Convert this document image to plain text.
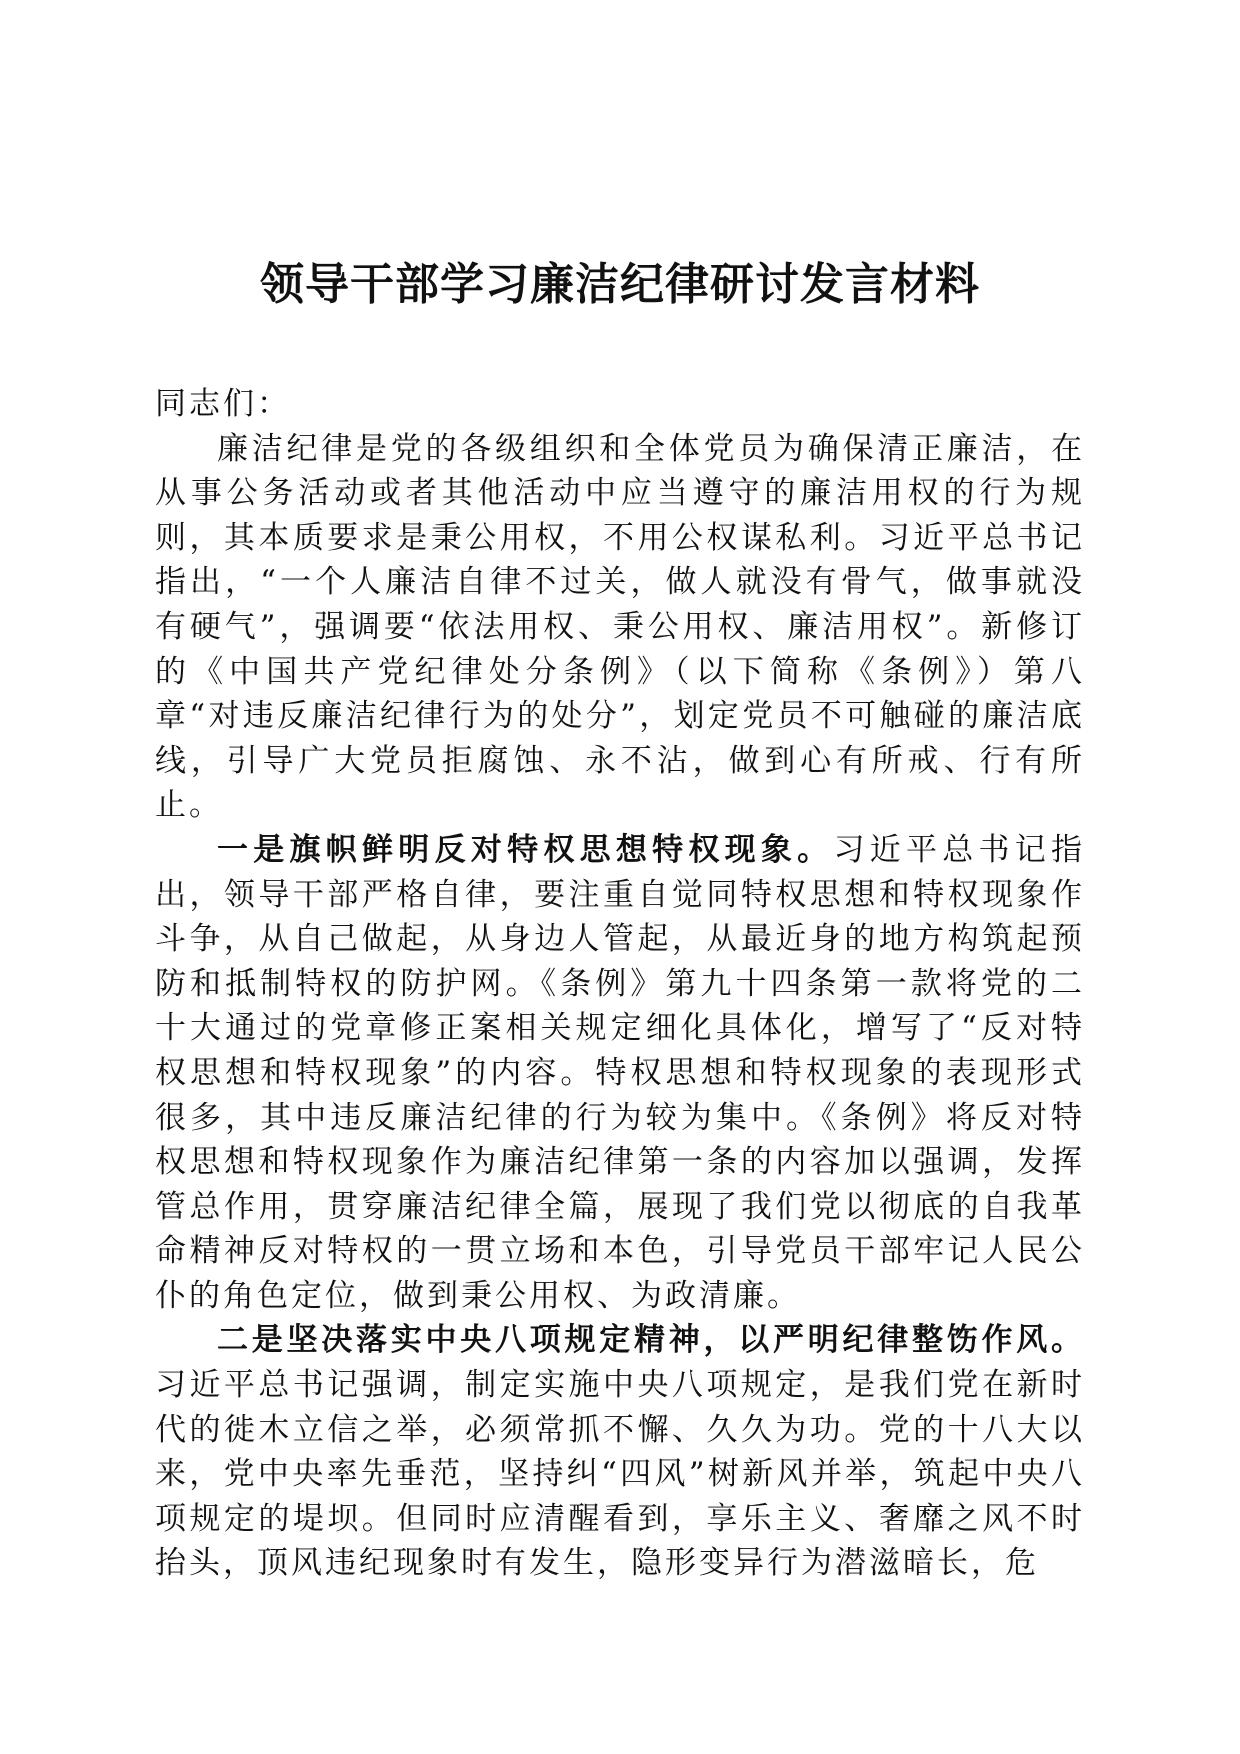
领导干部学习廉洁纪律研讨发言材料

同志们：

廉洁纪律是党的各级组织和全体党员为确保清正廉洁，在从事公务活动或者其他活动中应当遵守的廉洁用权的行为规则，其本质要求是秉公用权，不用公权谋私利。习近平总书记指出，“一个人廉洁自律不过关，做人就没有骨气，做事就没有硬气”，强调要“依法用权、秉公用权、廉洁用权”。新修订的《中国共产党纪律处分条例》（以下简称《条例》）第八章“对违反廉洁纪律行为的处分”，划定党员不可触碰的廉洁底线，引导广大党员拒腐蚀、永不沾，做到心有所戒、行有所止。

一是旗帜鲜明反对特权思想特权现象。习近平总书记指出，领导干部严格自律，要注重自觉同特权思想和特权现象作斗争，从自己做起，从身边人管起，从最近身的地方构筑起预防和抵制特权的防护网。《条例》第九十四条第一款将党的二十大通过的党章修正案相关规定细化具体化，增写了“反对特权思想和特权现象”的内容。特权思想和特权现象的表现形式很多，其中违反廉洁纪律的行为较为集中。《条例》将反对特权思想和特权现象作为廉洁纪律第一条的内容加以强调，发挥管总作用，贯穿廉洁纪律全篇，展现了我们党以彻底的自我革命精神反对特权的一贯立场和本色，引导党员干部牢记人民公仆的角色定位，做到秉公用权、为政清廉。

二是坚决落实中央八项规定精神，以严明纪律整饬作风。习近平总书记强调，制定实施中央八项规定，是我们党在新时代的徙木立信之举，必须常抓不懈、久久为功。党的十八大以来，党中央率先垂范，坚持纠“四风”树新风并举，筑起中央八项规定的堤坝。但同时应清醒看到，享乐主义、奢靡之风不时抬头，顶风违纪现象时有发生，隐形变异行为潜滋暗长，危
